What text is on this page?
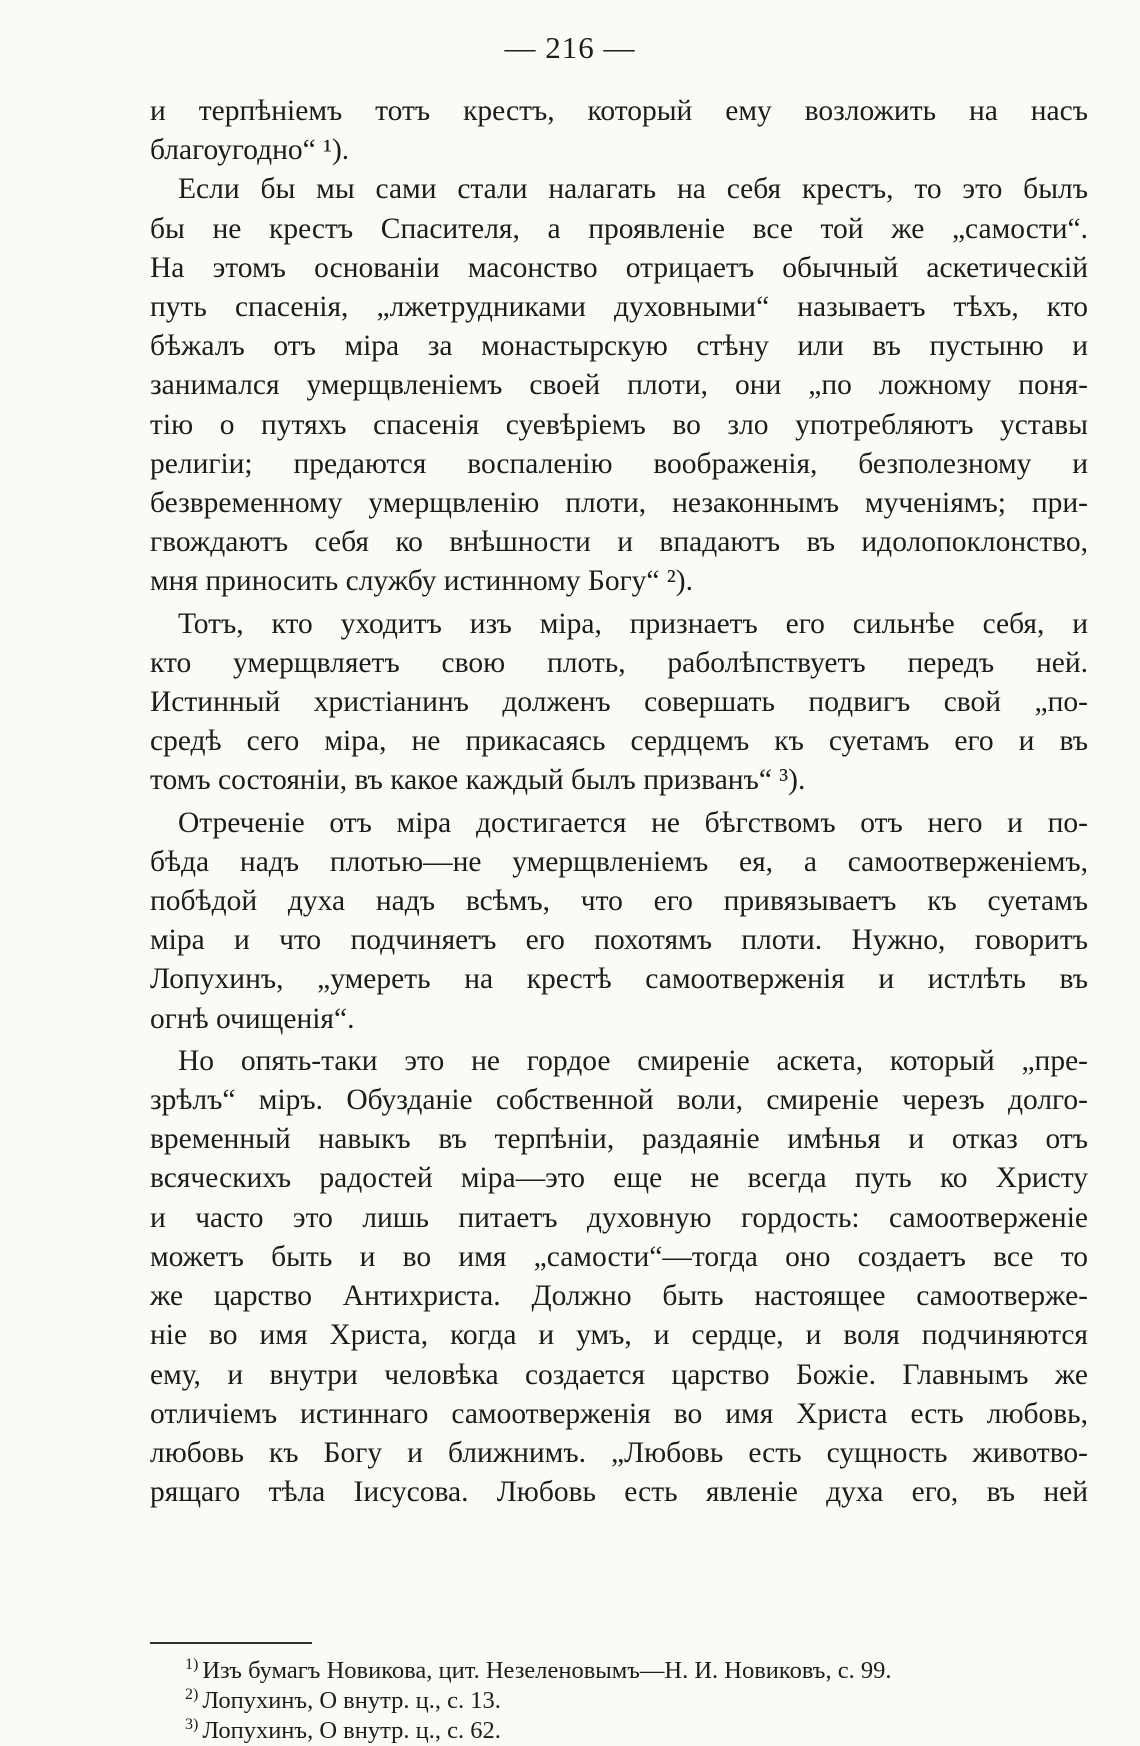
— 216 —
и терпѣніемъ тотъ крестъ, который ему возложить на насъ
благоугодно“ ¹).
Если бы мы сами стали налагать на себя крестъ, то это былъ
бы не крестъ Спасителя, а проявленіе все той же „самости“.
На этомъ основаніи масонство отрицаетъ обычный аскетическій
путь спасенія, „лжетрудниками духовными“ называетъ тѣхъ, кто
бѣжалъ отъ міра за монастырскую стѣну или въ пустыню и
занимался умерщвленіемъ своей плоти, они „по ложному поня-
тію о путяхъ спасенія суевѣріемъ во зло употребляютъ уставы
религіи; предаются воспаленію воображенія, безполезному и
безвременному умерщвленію плоти, незаконнымъ мученіямъ; при-
гвождаютъ себя ко внѣшности и впадаютъ въ идолопоклонство,
мня приносить службу истинному Богу“ ²).
Тотъ, кто уходитъ изъ міра, признаетъ его сильнѣе себя, и
кто умерщвляетъ свою плоть, раболѣпствуетъ передъ ней.
Истинный христіанинъ долженъ совершать подвигъ свой „по-
средѣ сего міра, не прикасаясь сердцемъ къ суетамъ его и въ
томъ состояніи, въ какое каждый былъ призванъ“ ³).
Отреченіе отъ міра достигается не бѣгствомъ отъ него и по-
бѣда надъ плотью—не умерщвленіемъ ея, а самоотверженіемъ,
побѣдой духа надъ всѣмъ, что его привязываетъ къ суетамъ
міра и что подчиняетъ его похотямъ плоти. Нужно, говоритъ
Лопухинъ, „умереть на крестѣ самоотверженія и истлѣть въ
огнѣ очищенія“.
Но опять-таки это не гордое смиреніе аскета, который „пре-
зрѣлъ“ міръ. Обузданіе собственной воли, смиреніе черезъ долго-
временный навыкъ въ терпѣніи, раздаяніе имѣнья и отказ отъ
всяческихъ радостей міра—это еще не всегда путь ко Христу
и часто это лишь питаетъ духовную гордость: самоотверженіе
можетъ быть и во имя „самости“—тогда оно создаетъ все то
же царство Антихриста. Должно быть настоящее самоотверже-
ніе во имя Христа, когда и умъ, и сердце, и воля подчиняются
ему, и внутри человѣка создается царство Божіе. Главнымъ же
отличіемъ истиннаго самоотверженія во имя Христа есть любовь,
любовь къ Богу и ближнимъ. „Любовь есть сущность животво-
рящаго тѣла Іисусова. Любовь есть явленіе духа его, въ ней

$^{1)}$ Изъ бумагъ Новикова, цит. Незеленовымъ—Н. И. Новиковъ, с. 99.

$^{2)}$ Лопухинъ, О внутр. ц., с. 13.

$^{3)}$ Лопухинъ, О внутр. ц., с. 62.
